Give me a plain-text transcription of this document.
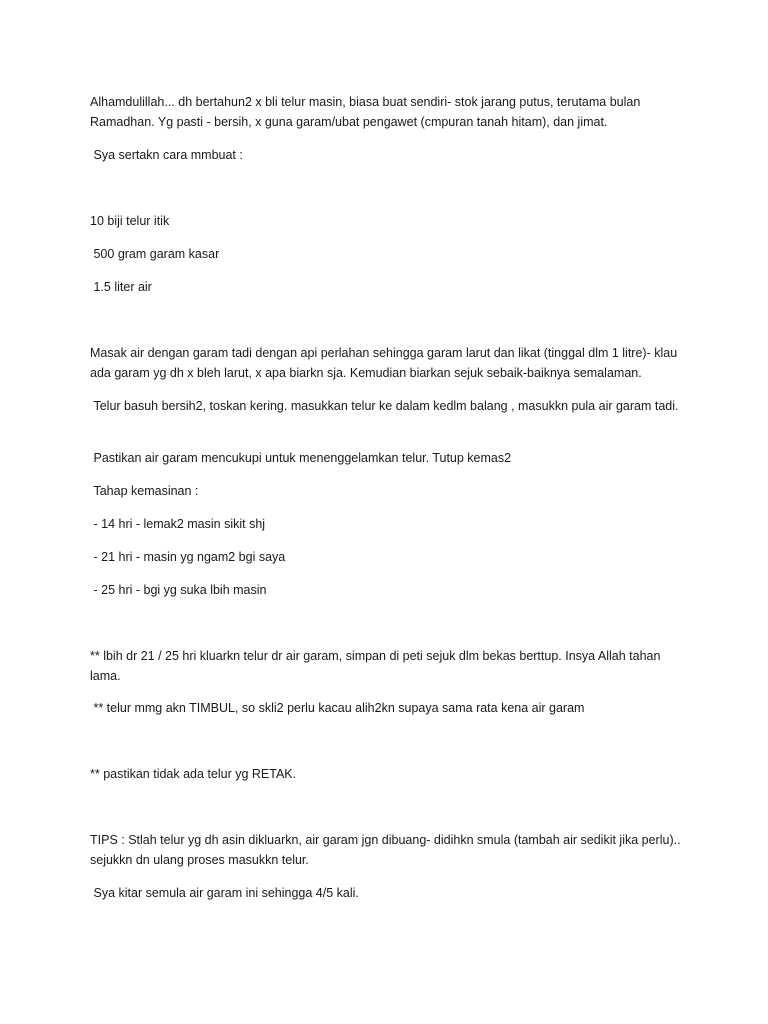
Alhamdulillah... dh bertahun2 x bli telur masin, biasa buat sendiri- stok jarang putus, terutama bulan Ramadhan. Yg pasti - bersih, x guna garam/ubat pengawet (cmpuran tanah hitam), dan jimat.

Sya sertakn cara mmbuat :

10 biji telur itik

500 gram garam kasar

1.5 liter air

Masak air dengan garam tadi dengan api perlahan sehingga garam larut dan likat (tinggal dlm 1 litre)- klau ada garam yg dh x bleh larut, x apa biarkn sja. Kemudian biarkan sejuk sebaik-baiknya semalaman.

Telur basuh bersih2, toskan kering. masukkan telur ke dalam kedlm balang , masukkn pula air garam tadi.

Pastikan air garam mencukupi untuk menenggelamkan telur. Tutup kemas2

Tahap kemasinan :

- 14 hri - lemak2 masin sikit shj

- 21 hri - masin yg ngam2 bgi saya

- 25 hri - bgi yg suka lbih masin

** lbih dr 21 / 25 hri kluarkn telur dr air garam, simpan di peti sejuk dlm bekas berttup. Insya Allah tahan lama.

** telur mmg akn TIMBUL, so skli2 perlu kacau alih2kn supaya sama rata kena air garam

** pastikan tidak ada telur yg RETAK.

TIPS : Stlah telur yg dh asin dikluarkn, air garam jgn dibuang- didihkn smula (tambah air sedikit jika perlu).. sejukkn dn ulang proses masukkn telur.

Sya kitar semula air garam ini sehingga 4/5 kali.
